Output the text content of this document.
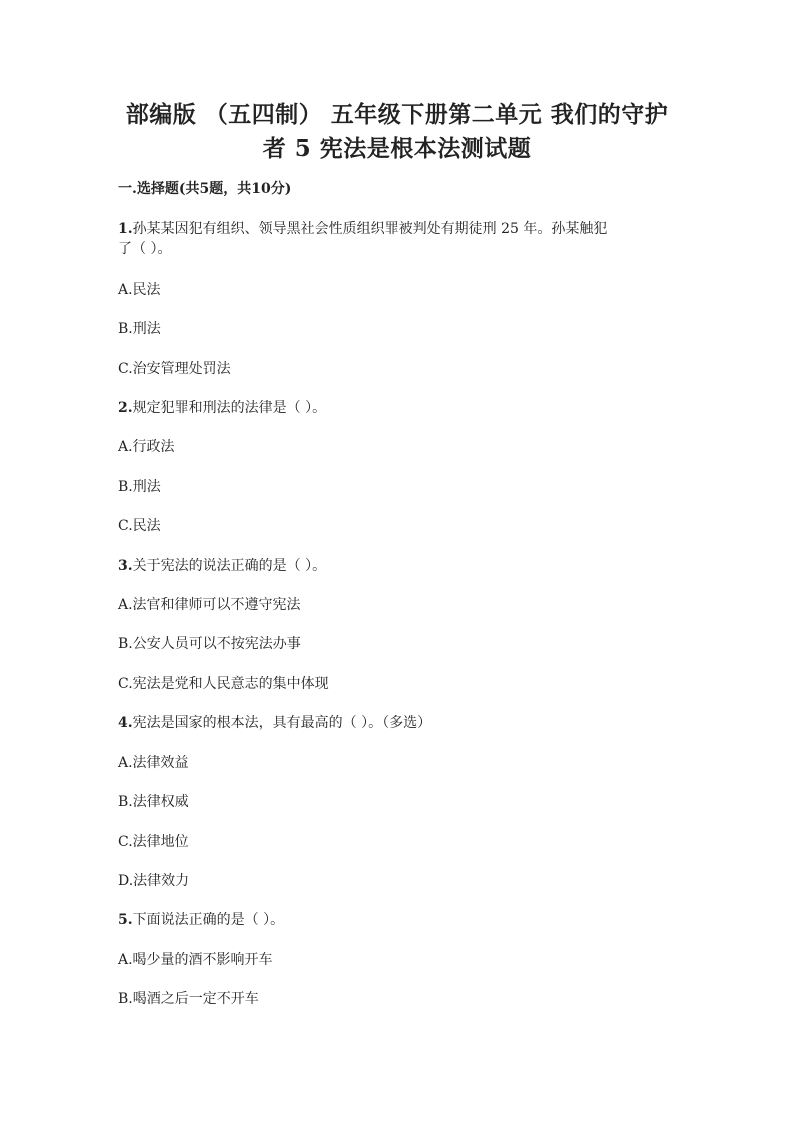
部编版 （五四制） 五年级下册第二单元 我们的守护
者 5 宪法是根本法测试题
一.选择题(共5题，共10分)
1.孙某某因犯有组织、领导黑社会性质组织罪被判处有期徒刑 25 年。孙某触犯
了（ ）。
A.民法
B.刑法
C.治安管理处罚法
2.规定犯罪和刑法的法律是（ ）。
A.行政法
B.刑法
C.民法
3.关于宪法的说法正确的是（ ）。
A.法官和律师可以不遵守宪法
B.公安人员可以不按宪法办事
C.宪法是党和人民意志的集中体现
4.宪法是国家的根本法，具有最高的（ ）。（多选）
A.法律效益
B.法律权威
C.法律地位
D.法律效力
5.下面说法正确的是（ ）。
A.喝少量的酒不影响开车
B.喝酒之后一定不开车
